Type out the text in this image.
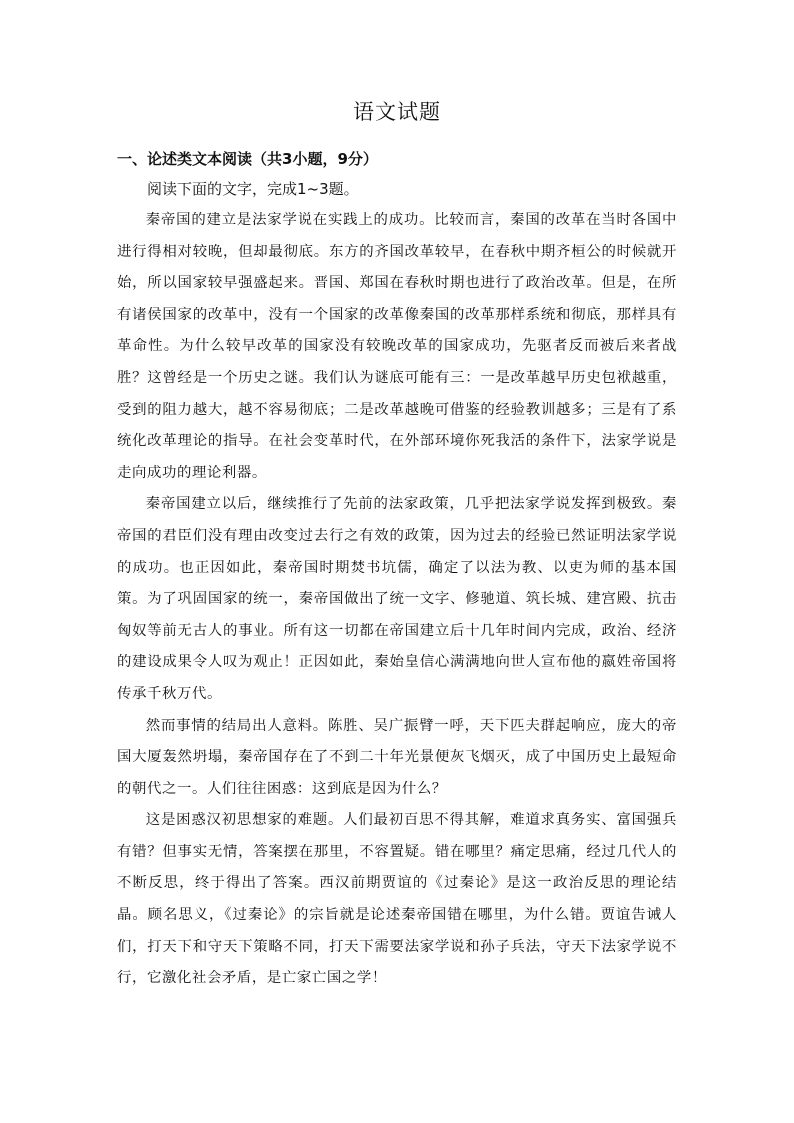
语文试题
一、论述类文本阅读（共3小题，9分）

阅读下面的文字，完成1~3题。

秦帝国的建立是法家学说在实践上的成功。比较而言，秦国的改革在当时各国中进行得相对较晚，但却最彻底。东方的齐国改革较早，在春秋中期齐桓公的时候就开始，所以国家较早强盛起来。晋国、郑国在春秋时期也进行了政治改革。但是，在所有诸侯国家的改革中，没有一个国家的改革像秦国的改革那样系统和彻底，那样具有革命性。为什么较早改革的国家没有较晚改革的国家成功，先驱者反而被后来者战胜？这曾经是一个历史之谜。我们认为谜底可能有三：一是改革越早历史包袱越重，受到的阻力越大，越不容易彻底；二是改革越晚可借鉴的经验教训越多；三是有了系统化改革理论的指导。在社会变革时代，在外部环境你死我活的条件下，法家学说是走向成功的理论利器。

秦帝国建立以后，继续推行了先前的法家政策，几乎把法家学说发挥到极致。秦帝国的君臣们没有理由改变过去行之有效的政策，因为过去的经验已然证明法家学说的成功。也正因如此，秦帝国时期焚书坑儒，确定了以法为教、以吏为师的基本国策。为了巩固国家的统一，秦帝国做出了统一文字、修驰道、筑长城、建宫殿、抗击匈奴等前无古人的事业。所有这一切都在帝国建立后十几年时间内完成，政治、经济的建设成果令人叹为观止！正因如此，秦始皇信心满满地向世人宣布他的嬴姓帝国将传承千秋万代。

然而事情的结局出人意料。陈胜、吴广振臂一呼，天下匹夫群起响应，庞大的帝国大厦轰然坍塌，秦帝国存在了不到二十年光景便灰飞烟灭，成了中国历史上最短命的朝代之一。人们往往困惑：这到底是因为什么？

这是困惑汉初思想家的难题。人们最初百思不得其解，难道求真务实、富国强兵有错？但事实无情，答案摆在那里，不容置疑。错在哪里？痛定思痛，经过几代人的不断反思，终于得出了答案。西汉前期贾谊的《过秦论》是这一政治反思的理论结晶。顾名思义，《过秦论》的宗旨就是论述秦帝国错在哪里，为什么错。贾谊告诫人们，打天下和守天下策略不同，打天下需要法家学说和孙子兵法，守天下法家学说不行，它激化社会矛盾，是亡家亡国之学！
